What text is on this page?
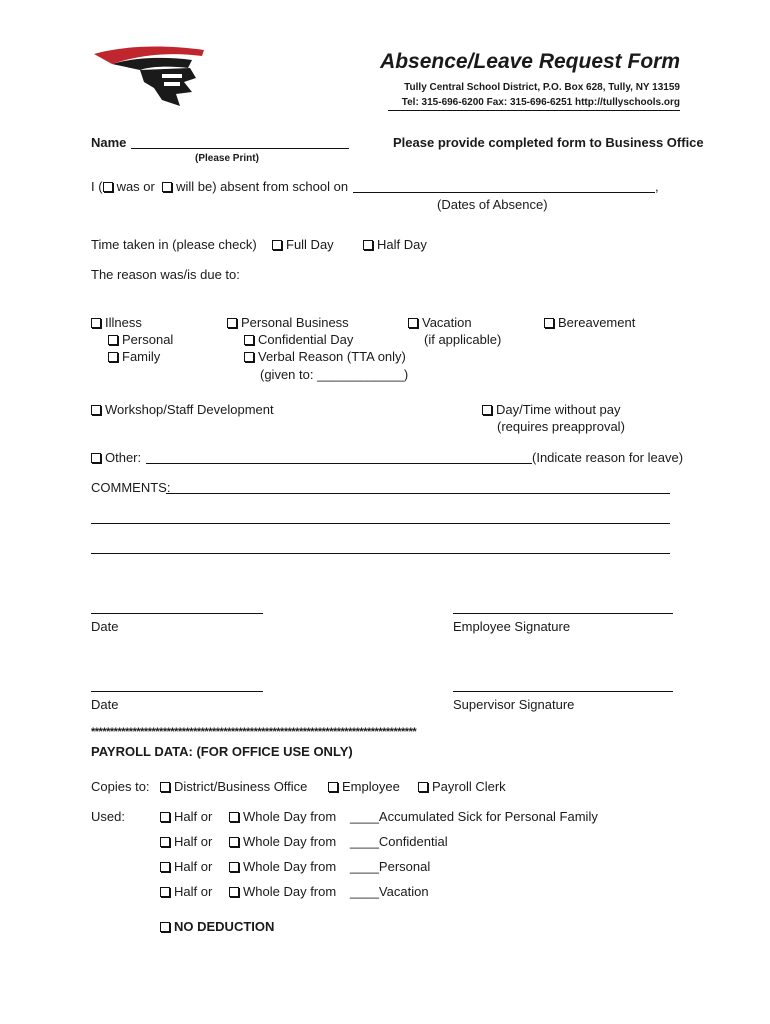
Absence/Leave Request Form
Tully Central School District, P.O. Box 628, Tully, NY 13159
Tel: 315-696-6200 Fax: 315-696-6251 http://tullyschools.org
Name
(Please Print)
Please provide completed form to Business Office
I ( was or will be) absent from school on	,
(Dates of Absence)
Time taken in (please check)	Full Day	Half Day
The reason was/is due to:
Illness
Personal
Family
Personal Business
Confidential Day
Verbal Reason (TTA only)
(given to: ____________)
Vacation
(if applicable)
Bereavement
Workshop/Staff Development	Day/Time without pay
(requires preapproval)
Other:	(Indicate reason for leave)
COMMENTS:
Date	Employee Signature
Date	Supervisor Signature
**************************************************************************************
PAYROLL DATA: (FOR OFFICE USE ONLY)
Copies to:	District/Business Office	Employee	Payroll Clerk
Used:	Half or	Whole Day from ____Accumulated Sick for Personal Family
Half or	Whole Day from ____Confidential
Half or	Whole Day from ____Personal
Half or	Whole Day from ____Vacation
NO DEDUCTION
